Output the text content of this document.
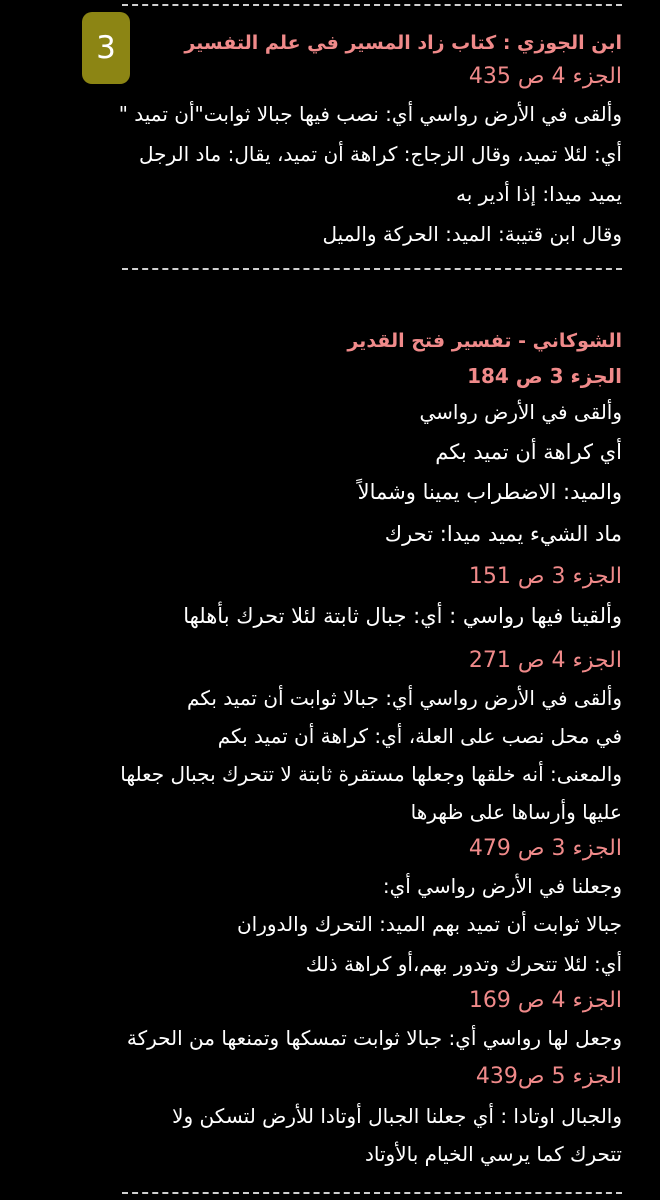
3	ابن الجوزي : كتاب زاد المسير في علم التفسير
الجزء 4 ص 435
وألقى في الأرض رواسي أي: نصب فيها جبالا ثوابت"أن تميد "
أي: لئلا تميد، وقال الزجاج: كراهة أن تميد، يقال: ماد الرجل
يميد ميدا: إذا أدير به
وقال ابن قتيبة: الميد: الحركة والميل
الشوكاني - تفسير فتح القدير
الجزء 3 ص 184
وألقى في الأرض رواسي
أي كراهة أن تميد بكم
والميد: الاضطراب يمينا وشمالاً
ماد الشيء يميد ميدا: تحرك
الجزء 3 ص 151
وألقينا فيها رواسي : أي: جبال ثابتة لئلا تحرك بأهلها
الجزء 4 ص 271
وألقى في الأرض رواسي أي: جبالا ثوابت أن تميد بكم
في محل نصب على العلة، أي: كراهة أن تميد بكم
والمعنى: أنه خلقها وجعلها مستقرة ثابتة لا تتحرك بجبال جعلها
عليها وأرساها على ظهرها
الجزء 3 ص 479
وجعلنا في الأرض رواسي أي:
جبالا ثوابت أن تميد بهم الميد: التحرك والدوران
أي: لئلا تتحرك وتدور بهم،أو كراهة ذلك
الجزء 4 ص 169
وجعل لها رواسي أي: جبالا ثوابت تمسكها وتمنعها من الحركة
الجزء 5 ص439
والجبال اوتادا : أي جعلنا الجبال أوتادا للأرض لتسكن ولا
تتحرك كما يرسي الخيام بالأوتاد
